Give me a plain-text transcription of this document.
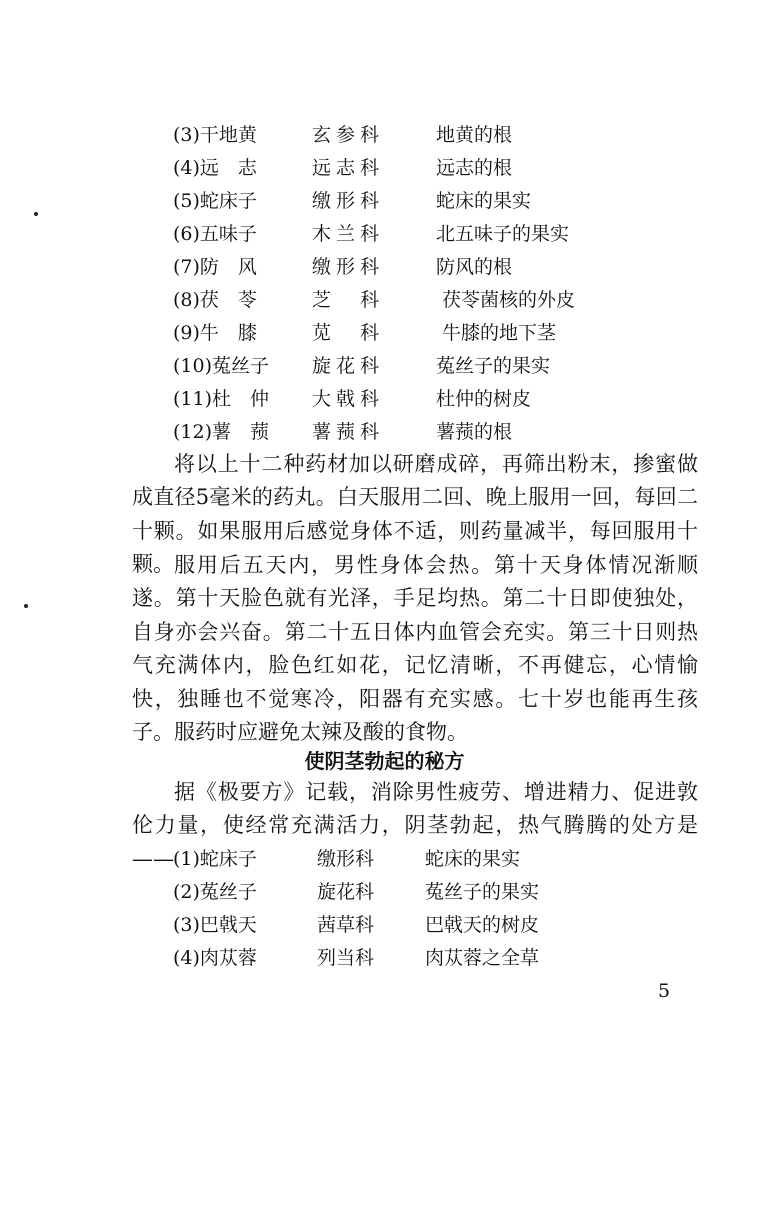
(3)干地黄	玄参科	地黄的根
(4)远　志	远志科	远志的根
(5)蛇床子	缴形科	蛇床的果实
(6)五味子	木兰科	北五味子的果实
(7)防　风	缴形科	防风的根
(8)茯　苓	芝　科	茯苓菌核的外皮
(9)牛　膝	苋　科	牛膝的地下茎
(10)菟丝子 旋花科	菟丝子的果实
(11)杜　仲 大戟科	杜仲的树皮
(12)薯　蓣 薯蓣科	薯蓣的根

将以上十二种药材加以研磨成碎，再筛出粉末，掺蜜做成直径5毫米的药丸。白天服用二回、晚上服用一回，每回二十颗。如果服用后感觉身体不适，则药量减半，每回服用十颗。 服用后五天内，男性身体会热。第十天身体情况渐顺遂。第十天脸色就有光泽，手足均热。第二十日即使独处，自身亦会兴奋。第二十五日体内血管会充实。第三十日则热气充满体内，脸色红如花，记忆清晰，不再健忘，心情愉快，独睡也不觉寒冷，阳器有充实感。七十岁也能再生孩子。服药时应避免太辣及酸的食物。

使阴茎勃起的秘方

据《极要方》记载，消除男性疲劳、增进精力、促进敦伦力量，使经常充满活力，阴茎勃起，热气腾腾的处方是—— (1)蛇床子	缴形科	蛇床的果实
(2)菟丝子	旋花科	菟丝子的果实
(3)巴戟天	茜草科	巴戟天的树皮
(4)肉苁蓉	列当科	肉苁蓉之全草
5
